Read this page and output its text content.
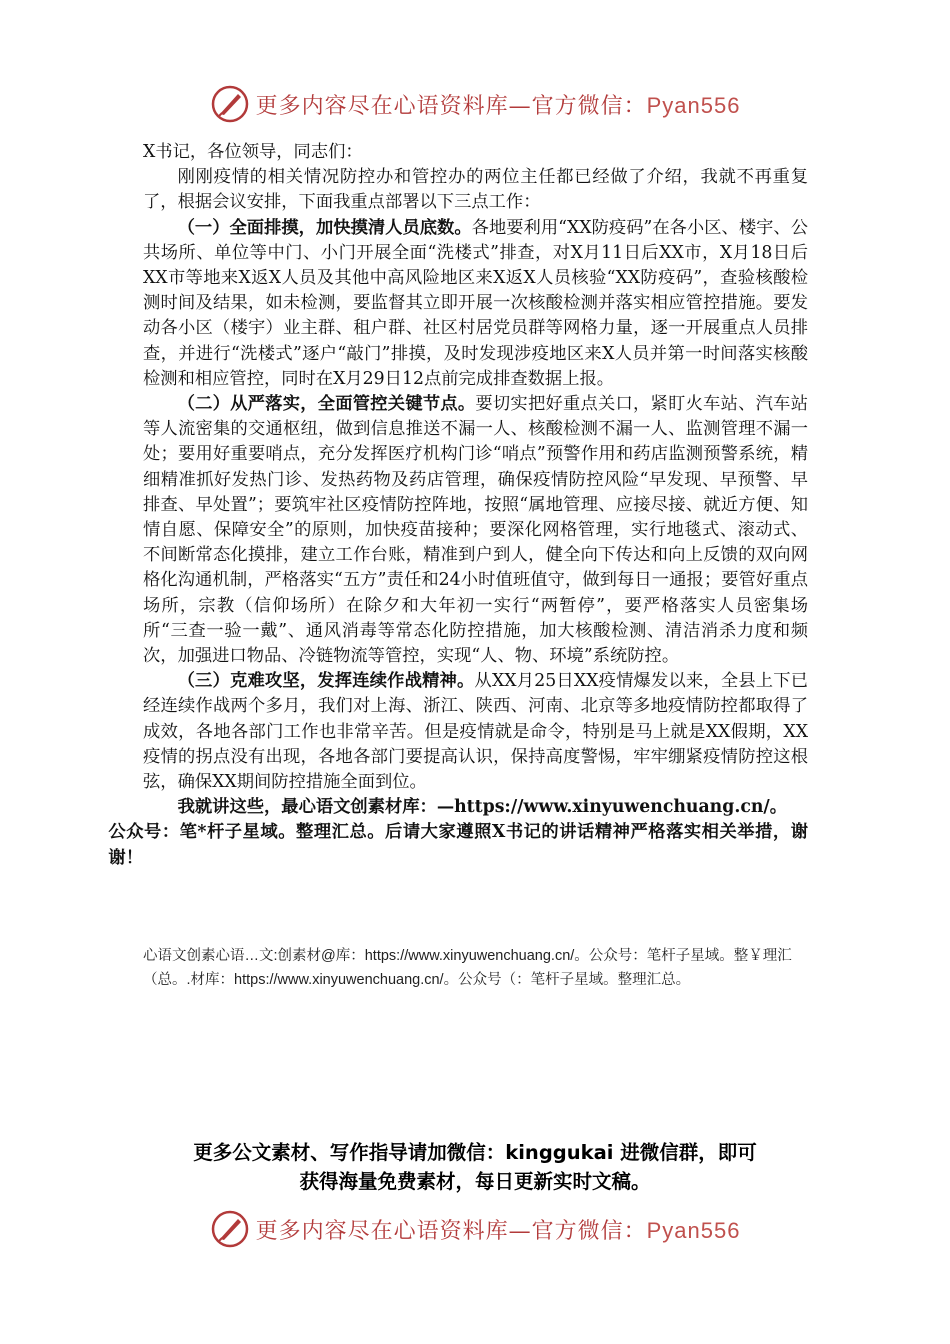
更多内容尽在心语资料库—官方微信：Pyan556

X书记，各位领导，同志们：

刚刚疫情的相关情况防控办和管控办的两位主任都已经做了介绍，我就不再重复了，根据会议安排，下面我重点部署以下三点工作：

（一）全面排摸，加快摸清人员底数。各地要利用“XX防疫码”在各小区、楼宇、公共场所、单位等中门、小门开展全面“洗楼式”排查，对X月11日后XX市，X月18日后XX市等地来X返X人员及其他中高风险地区来X返X人员核验“XX防疫码”，查验核酸检测时间及结果，如未检测，要监督其立即开展一次核酸检测并落实相应管控措施。要发动各小区（楼宇）业主群、租户群、社区村居党员群等网格力量，逐一开展重点人员排查，并进行“洗楼式”逐户“敲门”排摸，及时发现涉疫地区来X人员并第一时间落实核酸检测和相应管控，同时在X月29日12点前完成排查数据上报。

（二）从严落实，全面管控关键节点。要切实把好重点关口，紧盯火车站、汽车站等人流密集的交通枢纽，做到信息推送不漏一人、核酸检测不漏一人、监测管理不漏一处；要用好重要哨点，充分发挥医疗机构门诊“哨点”预警作用和药店监测预警系统，精细精准抓好发热门诊、发热药物及药店管理，确保疫情防控风险“早发现、早预警、早排查、早处置”；要筑牢社区疫情防控阵地，按照“属地管理、应接尽接、就近方便、知情自愿、保障安全”的原则，加快疫苗接种；要深化网格管理，实行地毯式、滚动式、不间断常态化摸排，建立工作台账，精准到户到人，健全向下传达和向上反馈的双向网格化沟通机制，严格落实“五方”责任和24小时值班值守，做到每日一通报；要管好重点场所，宗教（信仰场所）在除夕和大年初一实行“两暂停”，要严格落实人员密集场所“三查一验一戴”、通风消毒等常态化防控措施，加大核酸检测、清洁消杀力度和频次，加强进口物品、冷链物流等管控，实现“人、物、环境”系统防控。

（三）克难攻坚，发挥连续作战精神。从XX月25日XX疫情爆发以来，全县上下已经连续作战两个多月，我们对上海、浙江、陕西、河南、北京等多地疫情防控都取得了成效，各地各部门工作也非常辛苦。但是疫情就是命令，特别是马上就是XX假期，XX疫情的拐点没有出现，各地各部门要提高认识，保持高度警惕，牢牢绷紧疫情防控这根弦，确保XX期间防控措施全面到位。

我就讲这些，最心语文创素材库：—https://www.xinyuwenchuang.cn/。
公众号：笔*杆子星域。整理汇总。后请大家遵照X书记的讲话精神严格落实相关举措，谢谢！

心语文创素心语…文:创素材@库：https://www.xinyuwenchuang.cn/。公众号：笔杆子星域。整￥理汇（总。.材库：https://www.xinyuwenchuang.cn/。公众号（：笔杆子星域。整理汇总。
更多公文素材、写作指导请加微信：kinggukai 进微信群，即可
获得海量免费素材，每日更新实时文稿。
更多内容尽在心语资料库—官方微信：Pyan556
